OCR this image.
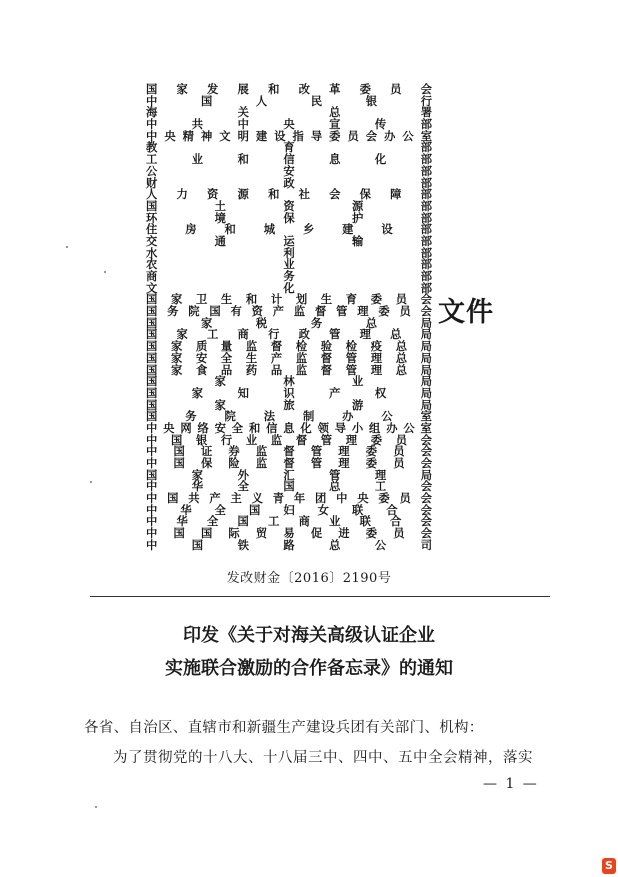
国 家 发 展 和 改 革 委 员 会
中	国	人	民	银	行
海	关	总	署
中	共	中	央	宣	传	部
中 央 精 神 文 明 建 设 指 导 委 员 会 办 公 室
教	育	部
工	业	和	信	息	化	部
公	安	部
财	政	部
人 力 资 源 和 社 会 保 障 部
国	土	资	源	部
环	境	保	护	部
住 房 和 城 乡 建 设 部
交	通	运	输	部
水	利	部
农	业	部
商	务	部
文	化	部
国 家 卫 生 和 计 划 生 育 委 员 会
国 务 院 国 有 资 产 监 督 管 理 委 员 会
国	家	税	务	总	局
国 家 工 商 行 政 管 理 总 局
国 家 质 量 监 督 检 验 检 疫 总 局
国 家 安 全 生 产 监 督 管 理 总 局
国 家 食 品 药 品 监 督 管 理 总 局
国	家	林	业	局
国	家	知	识	产	权	局
国	家	旅	游	局
国 务 院 法 制 办 公 室
中 央 网 络 安 全 和 信 息 化 领 导 小 组 办 公 室
中 国 银 行 业 监 督 管 理 委 员 会
中 国 证 券 监 督 管 理 委 员 会
中 国 保 险 监 督 管 理 委 员 会
国	家	外	汇	管	理	局
中	华	全	国	总	工	会
中 国 共 产 主 义 青 年 团 中 央 委 员 会
中 华 全 国 妇 女 联 合 会
中 华 全 国 工 商 业 联 合 会
中 国 国 际 贸 易 促 进 委 员 会
中	国	铁	路	总	公	司
文件
发改财金〔2016〕2190号
印发《关于对海关高级认证企业
实施联合激励的合作备忘录》的通知
各省、自治区、直辖市和新疆生产建设兵团有关部门、机构：
为了贯彻党的十八大、十八届三中、四中、五中全会精神，落实
— 1 —
S
